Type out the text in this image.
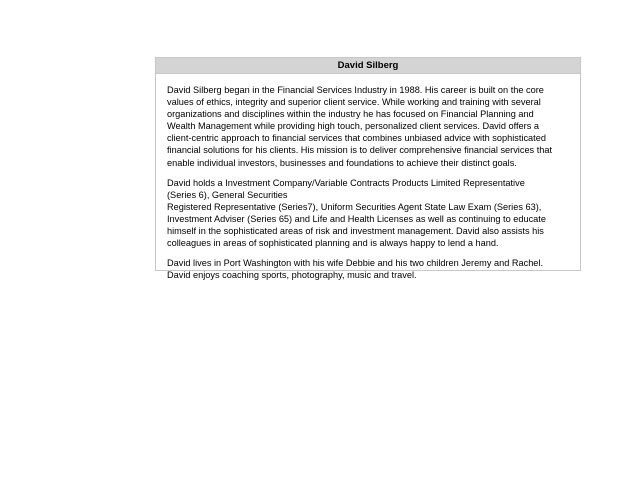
David Silberg

David Silberg began in the Financial Services Industry in 1988. His career is built on the core
values of ethics, integrity and superior client service. While working and training with several
organizations and disciplines within the industry he has focused on Financial Planning and
Wealth Management while providing high touch, personalized client services. David offers a
client-centric approach to financial services that combines unbiased advice with sophisticated
financial solutions for his clients. His mission is to deliver comprehensive financial services that
enable individual investors, businesses and foundations to achieve their distinct goals.

David holds a Investment Company/Variable Contracts Products Limited Representative
(Series 6), General Securities
Registered Representative (Series7), Uniform Securities Agent State Law Exam (Series 63),
Investment Adviser (Series 65) and Life and Health Licenses as well as continuing to educate
himself in the sophisticated areas of risk and investment management. David also assists his
colleagues in areas of sophisticated planning and is always happy to lend a hand.

David lives in Port Washington with his wife Debbie and his two children Jeremy and Rachel.
David enjoys coaching sports, photography, music and travel.
